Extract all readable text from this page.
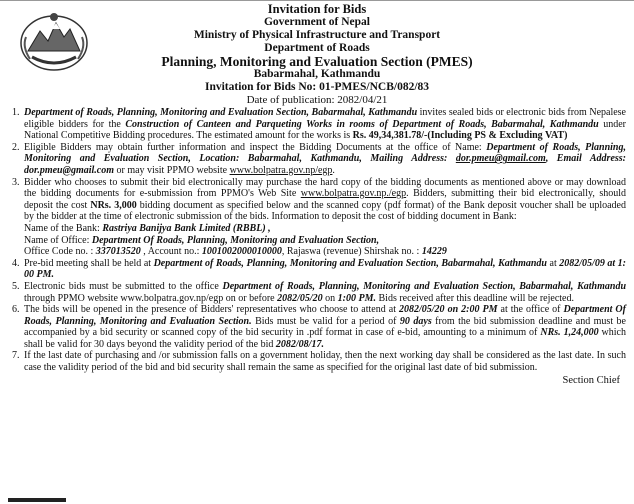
Invitation for Bids
Government of Nepal
Ministry of Physical Infrastructure and Transport
Department of Roads
Planning, Monitoring and Evaluation Section (PMES)
Babarmahal, Kathmandu
Invitation for Bids No: 01-PMES/NCB/082/83
Date of publication: 2082/04/21
1. Department of Roads, Planning, Monitoring and Evaluation Section, Babarmahal, Kathmandu invites sealed bids or electronic bids from Nepalese eligible bidders for the Construction of Canteen and Parqueting Works in rooms of Department of Roads, Babarmahal, Kathmandu under National Competitive Bidding procedures. The estimated amount for the works is Rs. 49,34,381.78/-(Including PS & Excluding VAT)
2. Eligible Bidders may obtain further information and inspect the Bidding Documents at the office of Name: Department of Roads, Planning, Monitoring and Evaluation Section, Location: Babarmahal, Kathmandu, Mailing Address: dor.pmeu@gmail.com, Email Address: dor.pmeu@gmail.com or may visit PPMO website www.bolpatra.gov.np/egp.
3. Bidder who chooses to submit their bid electronically may purchase the hard copy of the bidding documents as mentioned above or may download the bidding documents for e-submission from PPMO's Web Site www.bolpatra.gov.np./egp. Bidders, submitting their bid electronically, should deposit the cost NRs. 3,000 bidding document as specified below and the scanned copy (pdf format) of the Bank deposit voucher shall be uploaded by the bidder at the time of electronic submission of the bids. Information to deposit the cost of bidding document in Bank:
Name of the Bank: Rastriya Banijya Bank Limited (RBBL) ,
Name of Office: Department Of Roads, Planning, Monitoring and Evaluation Section,
Office Code no. : 337013520 , Account no.: 1001002000010000, Rajaswa (revenue) Shirshak no. : 14229
4. Pre-bid meeting shall be held at Department of Roads, Planning, Monitoring and Evaluation Section, Babarmahal, Kathmandu at 2082/05/09 at 1: 00 PM.
5. Electronic bids must be submitted to the office Department of Roads, Planning, Monitoring and Evaluation Section, Babarmahal, Kathmandu through PPMO website www.bolpatra.gov.np/egp on or before 2082/05/20 on 1:00 PM. Bids received after this deadline will be rejected.
6. The bids will be opened in the presence of Bidders' representatives who choose to attend at 2082/05/20 on 2:00 PM at the office of Department Of Roads, Planning, Monitoring and Evaluation Section. Bids must be valid for a period of 90 days from the bid submission deadline and must be accompanied by a bid security or scanned copy of the bid security in .pdf format in case of e-bid, amounting to a minimum of NRs. 1,24,000 which shall be valid for 30 days beyond the validity period of the bid 2082/08/17.
7. If the last date of purchasing and /or submission falls on a government holiday, then the next working day shall be considered as the last date. In such case the validity period of the bid and bid security shall remain the same as specified for the original last date of bid submission.
Section Chief
